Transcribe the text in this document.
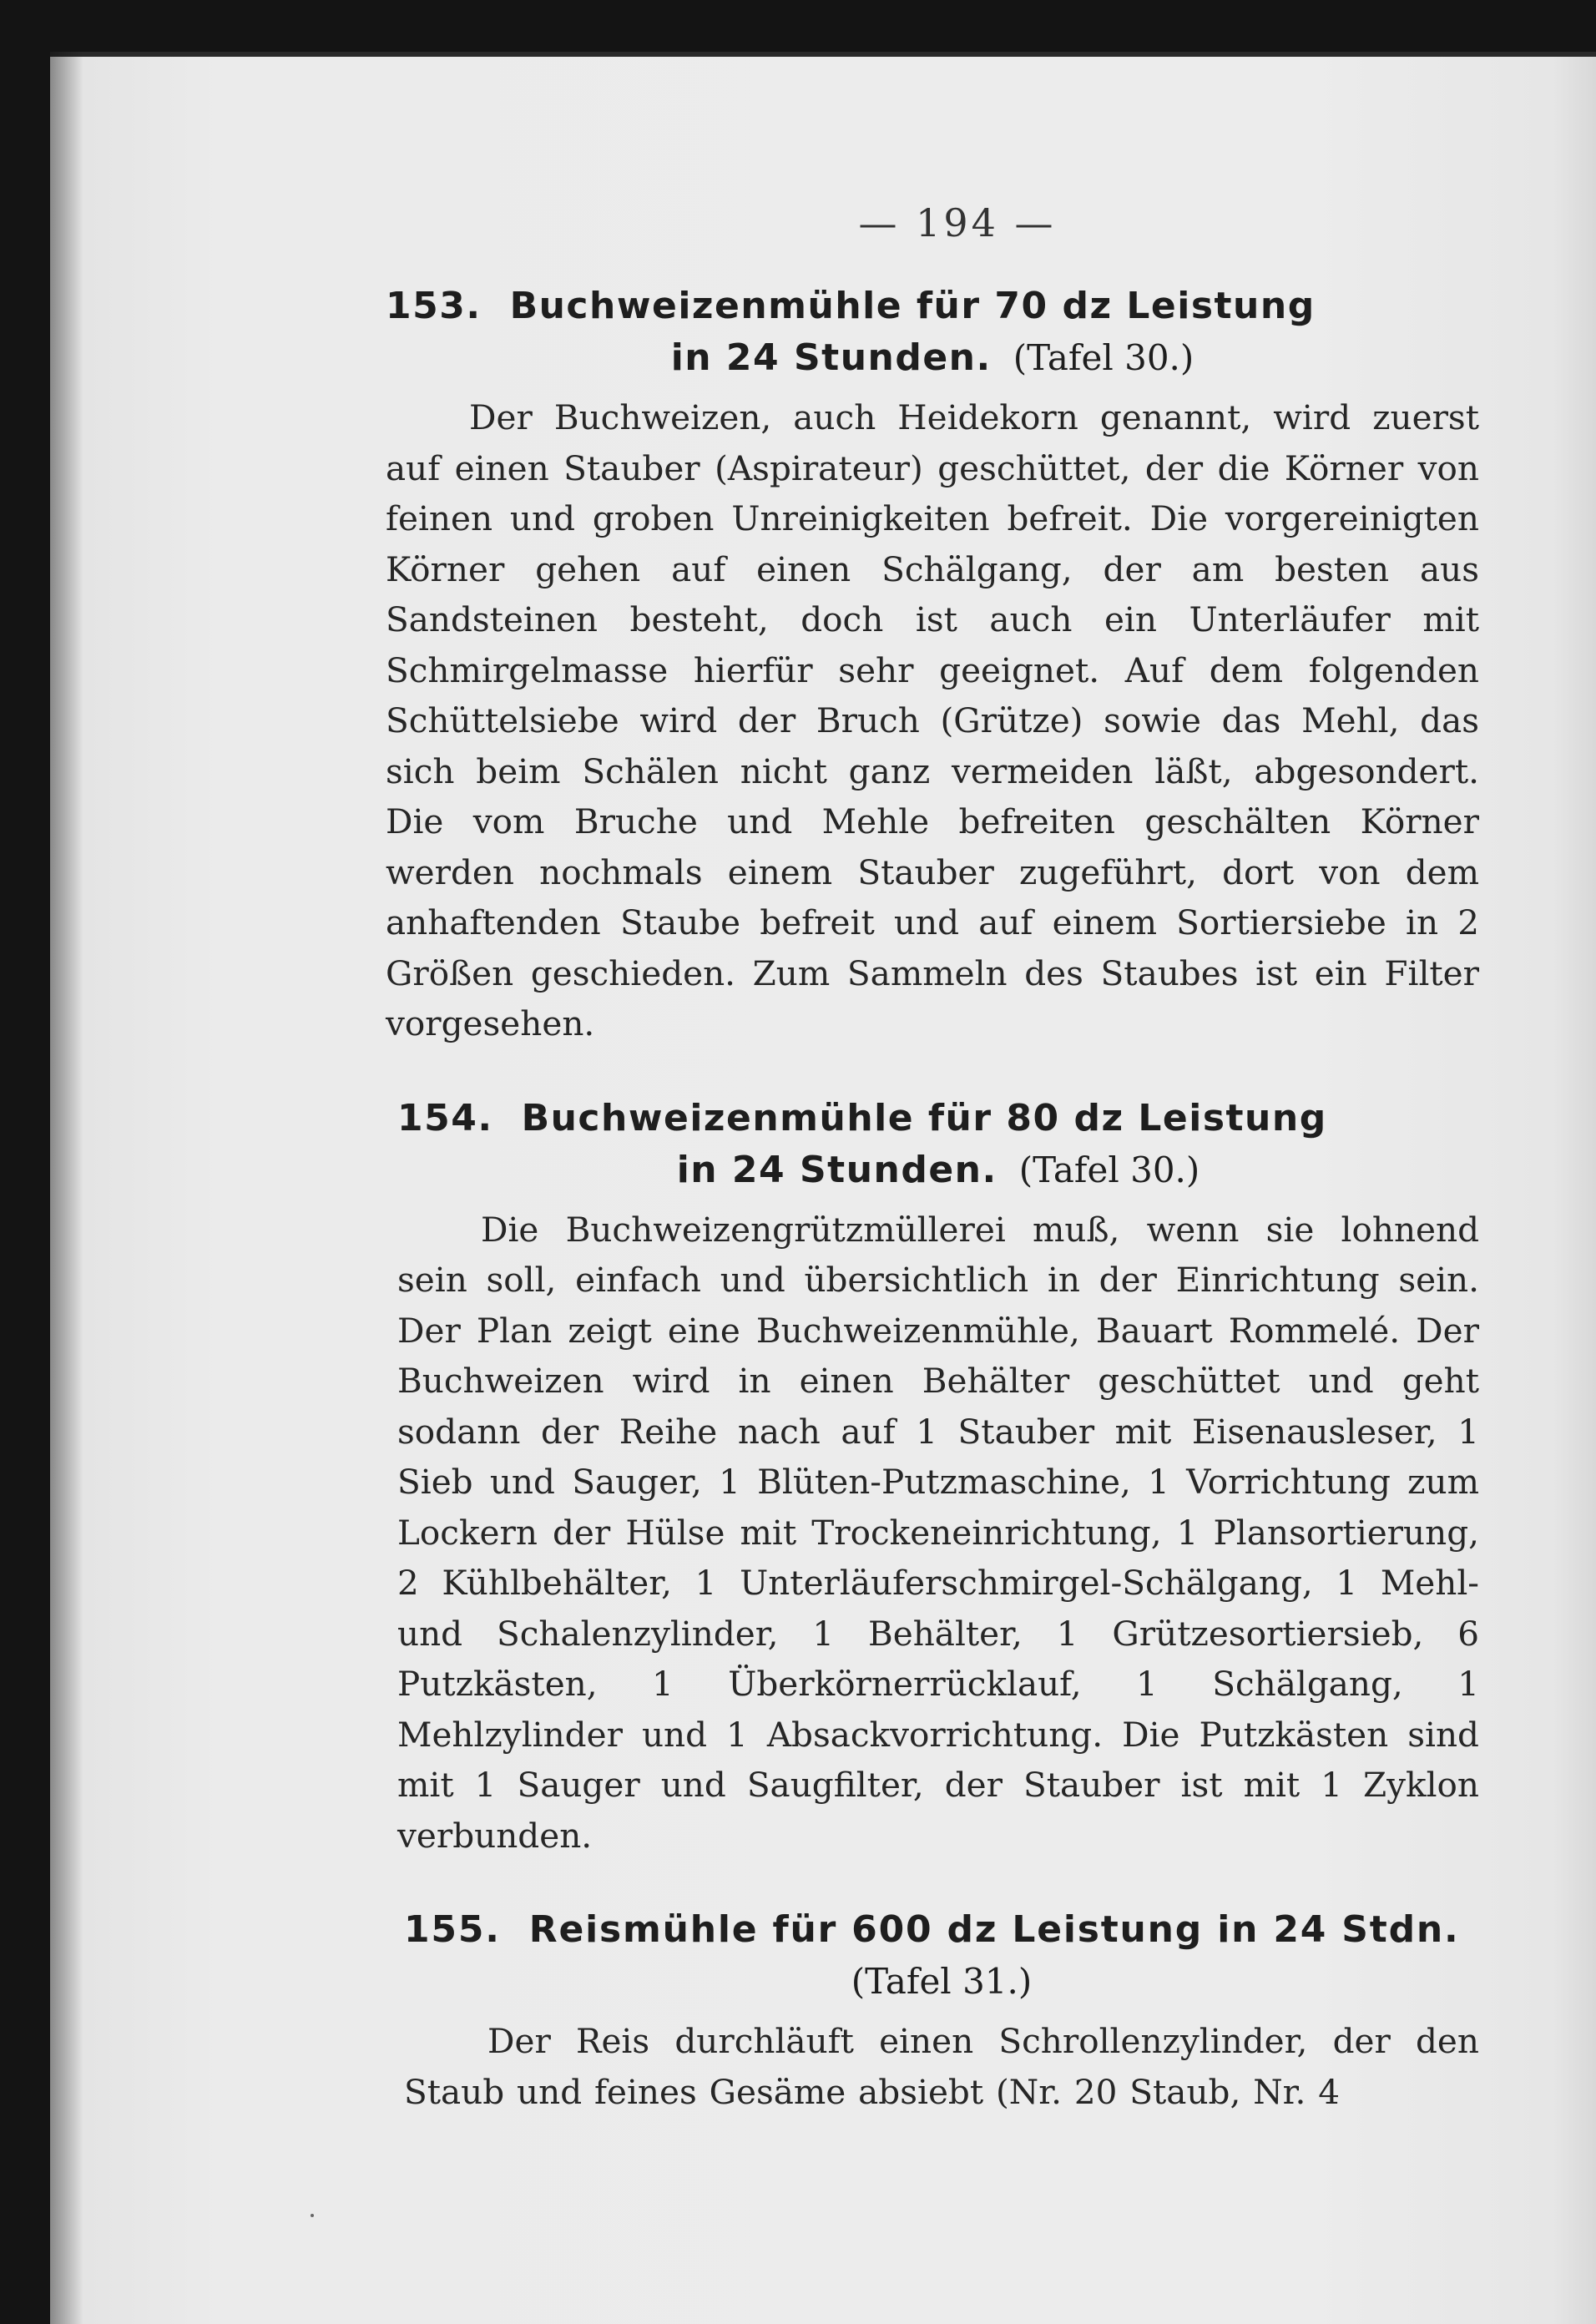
— 194 —
153. Buchweizenmühle für 70 dz Leistung
in 24 Stunden. (Tafel 30.)

Der Buchweizen, auch Heidekorn genannt, wird zuerst auf einen Stauber (Aspirateur) geschüttet, der die Körner von feinen und groben Unreinigkeiten befreit. Die vorgereinigten Körner gehen auf einen Schälgang, der am besten aus Sandsteinen besteht, doch ist auch ein Unterläufer mit Schmirgelmasse hierfür sehr geeignet. Auf dem folgenden Schüttelsiebe wird der Bruch (Grütze) sowie das Mehl, das sich beim Schälen nicht ganz vermeiden läßt, abgesondert. Die vom Bruche und Mehle befreiten geschälten Körner werden nochmals einem Stauber zugeführt, dort von dem anhaftenden Staube befreit und auf einem Sortiersiebe in 2 Größen geschieden. Zum Sammeln des Staubes ist ein Filter vorgesehen.

154. Buchweizenmühle für 80 dz Leistung
in 24 Stunden. (Tafel 30.)

Die Buchweizengrützmüllerei muß, wenn sie lohnend sein soll, einfach und übersichtlich in der Einrichtung sein. Der Plan zeigt eine Buchweizenmühle, Bauart Rommelé. Der Buchweizen wird in einen Behälter geschüttet und geht sodann der Reihe nach auf 1 Stauber mit Eisenausleser, 1 Sieb und Sauger, 1 Blüten-Putzmaschine, 1 Vorrichtung zum Lockern der Hülse mit Trockeneinrichtung, 1 Plansortierung, 2 Kühlbehälter, 1 Unterläuferschmirgel-Schälgang, 1 Mehl- und Schalenzylinder, 1 Behälter, 1 Grützesortiersieb, 6 Putzkästen, 1 Überkörnerrücklauf, 1 Schälgang, 1 Mehlzylinder und 1 Absackvorrichtung. Die Putzkästen sind mit 1 Sauger und Saugfilter, der Stauber ist mit 1 Zyklon verbunden.

155. Reismühle für 600 dz Leistung in 24 Stdn.
(Tafel 31.)

Der Reis durchläuft einen Schrollenzylinder, der den Staub und feines Gesäme absiebt (Nr. 20 Staub, Nr. 4
